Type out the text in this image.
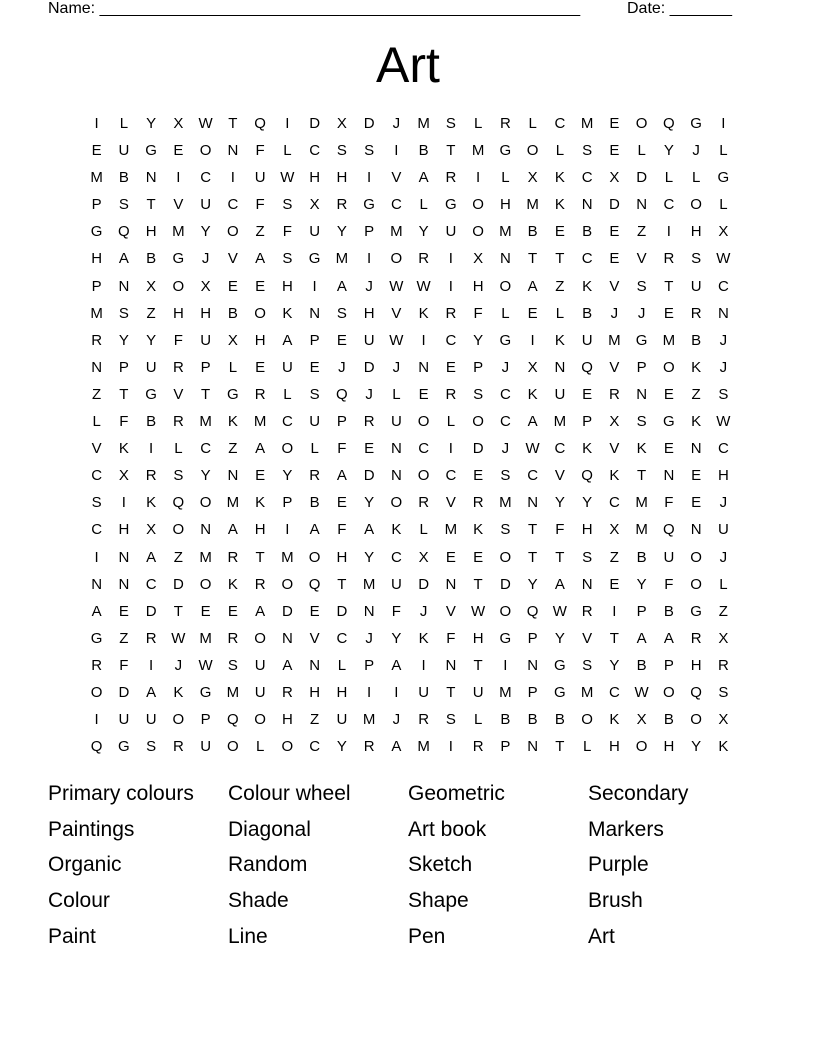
Name: ______________________________________________________	Date: _______
Art
I	L	Y	X	W	T	Q	I	D	X	D	J	M	S	L	R	L	C	M	E	O	Q	G	I
E	U	G	E	O	N	F	L	C	S	S	I	B	T	M	G	O	L	S	E	L	Y	J	L
M	B	N	I	C	I	U W H	H	I	V	A	R	I	L	X	K	C	X	D	L	L	G
P	S	T	V	U	C	F	S	X	R	G	C	L	G	O	H	M	K	N	D	N	C	O	L
G	Q	H	M	Y	O	Z	F	U	Y	P	M	Y	U	O	M	B	E	B	E	Z	I	H	X
H	A	B	G	J	V	A	S	G	M	I	O	R	I	X	N	T	T	C	E	V	R	S	W
P	N	X	O	X	E	E	H	I	A	J	W W	I	H	O	A	Z	K	V	S	T	U	C
M	S	Z	H	H	B	O	K	N	S	H	V	K	R	F	L	E	L	B	J	J	E	R	N
R	Y	Y	F	U	X	H	A	P	E	U W	I	C	Y	G	I	K	U	M	G	M	B	J
N	P	U	R	P	L	E	U	E	J	D	J	N	E	P	J	X	N	Q	V	P	O	K	J
Z	T	G	V	T	G	R	L	S	Q	J	L	E	R	S	C	K	U	E	R	N	E	Z	S
L	F	B	R	M	K	M	C	U	P	R	U	O	L	O	C	A	M	P	X	S	G	K	W
V	K	I	L	C	Z	A	O	L	F	E	N	C	I	D	J	W C	K	V	K	E	N	C
C	X	R	S	Y	N	E	Y	R	A	D	N	O	C	E	S	C	V	Q	K	T	N	E	H
S	I	K	Q	O	M	K	P	B	E	Y	O	R	V	R	M	N	Y	Y	C	M	F	E	J
C	H	X	O	N	A	H	I	A	F	A	K	L	M	K	S	T	F	H	X	M	Q	N	U
I	N	A	Z	M	R	T	M	O	H	Y	C	X	E	E	O	T	T	S	Z	B	U	O	J
N	N	C	D	O	K	R	O	Q	T	M	U	D	N	T	D	Y	A	N	E	Y	F	O	L
A	E	D	T	E	E	A	D	E	D	N	F	J	V	W O	Q W R	I	P	B	G	Z
G	Z	R W M	R	O	N	V	C	J	Y	K	F	H	G	P	Y	V	T	A	A	R	X
R	F	I	J	W	S	U	A	N	L	P	A	I	N	T	I	N	G	S	Y	B	P	H	R
O	D	A	K	G	M	U	R	H	H	I	I	U	T	U	M	P	G	M	C W O	Q	S
I	U	U	O	P	Q	O	H	Z	U	M	J	R	S	L	B	B	B	O	K	X	B	O	X
Q	G	S	R	U	O	L	O	C	Y	R	A	M	I	R	P	N	T	L	H	O	H	Y	K
Primary colours	Colour wheel	Geometric	Secondary
Paintings	Diagonal	Art book	Markers
Organic	Random	Sketch	Purple
Colour	Shade	Shape	Brush
Paint	Line	Pen	Art
